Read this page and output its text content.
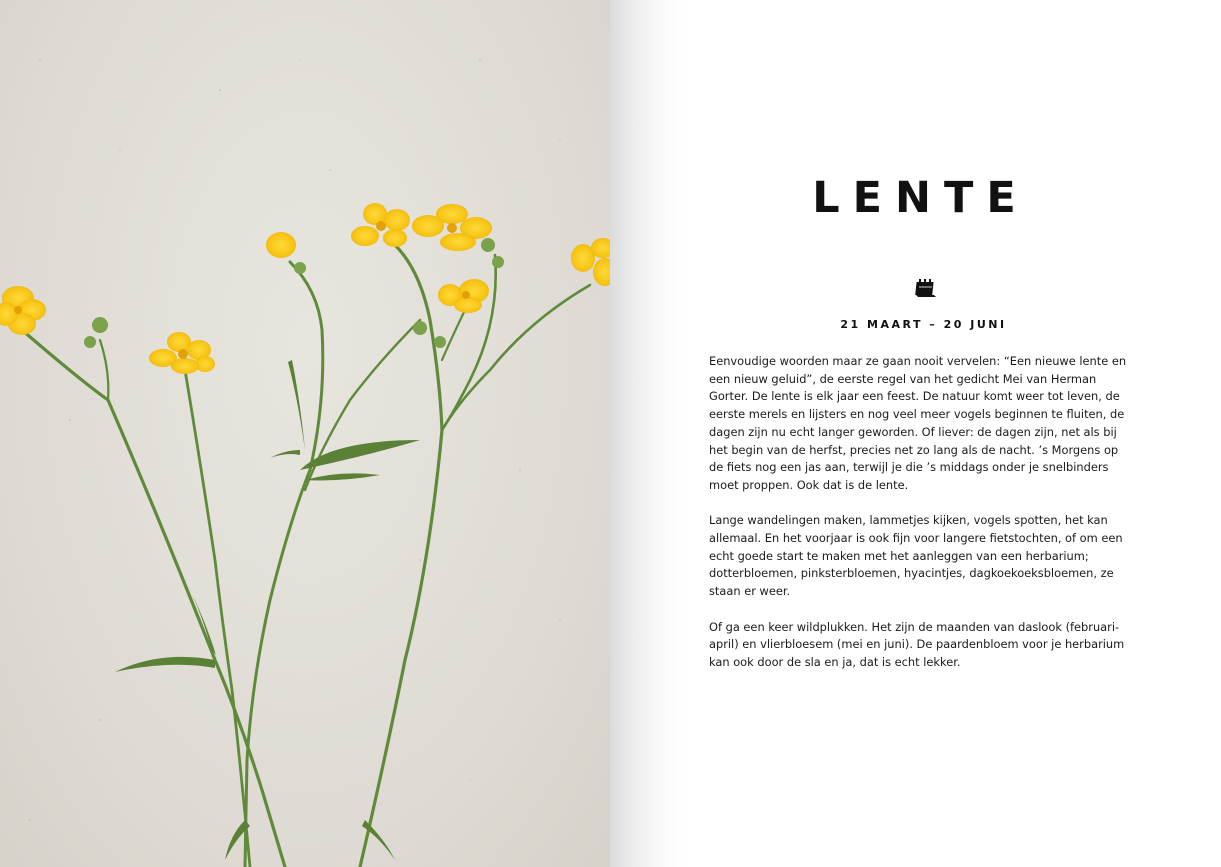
LENTE
21 MAART – 20 JUNI

Eenvoudige woorden maar ze gaan nooit vervelen: “Een nieuwe lente en een nieuw geluid”, de eerste regel van het gedicht Mei van Herman Gorter. De lente is elk jaar een feest. De natuur komt weer tot leven, de eerste merels en lijsters en nog veel meer vogels beginnen te fluiten, de dagen zijn nu echt langer geworden. Of liever: de dagen zijn, net als bij het begin van de herfst, precies net zo lang als de nacht. ’s Morgens op de fiets nog een jas aan, terwijl je die ’s middags onder je snelbinders moet proppen. Ook dat is de lente.

Lange wandelingen maken, lammetjes kijken, vogels spotten, het kan allemaal. En het voorjaar is ook fijn voor langere fietstochten, of om een echt goede start te maken met het aanleggen van een herbarium; dotterbloemen, pinksterbloemen, hyacintjes, dagkoekoeksbloemen, ze staan er weer.

Of ga een keer wildplukken. Het zijn de maanden van daslook (februari-april) en vlierbloesem (mei en juni). De paardenbloem voor je herbarium kan ook door de sla en ja, dat is echt lekker.
